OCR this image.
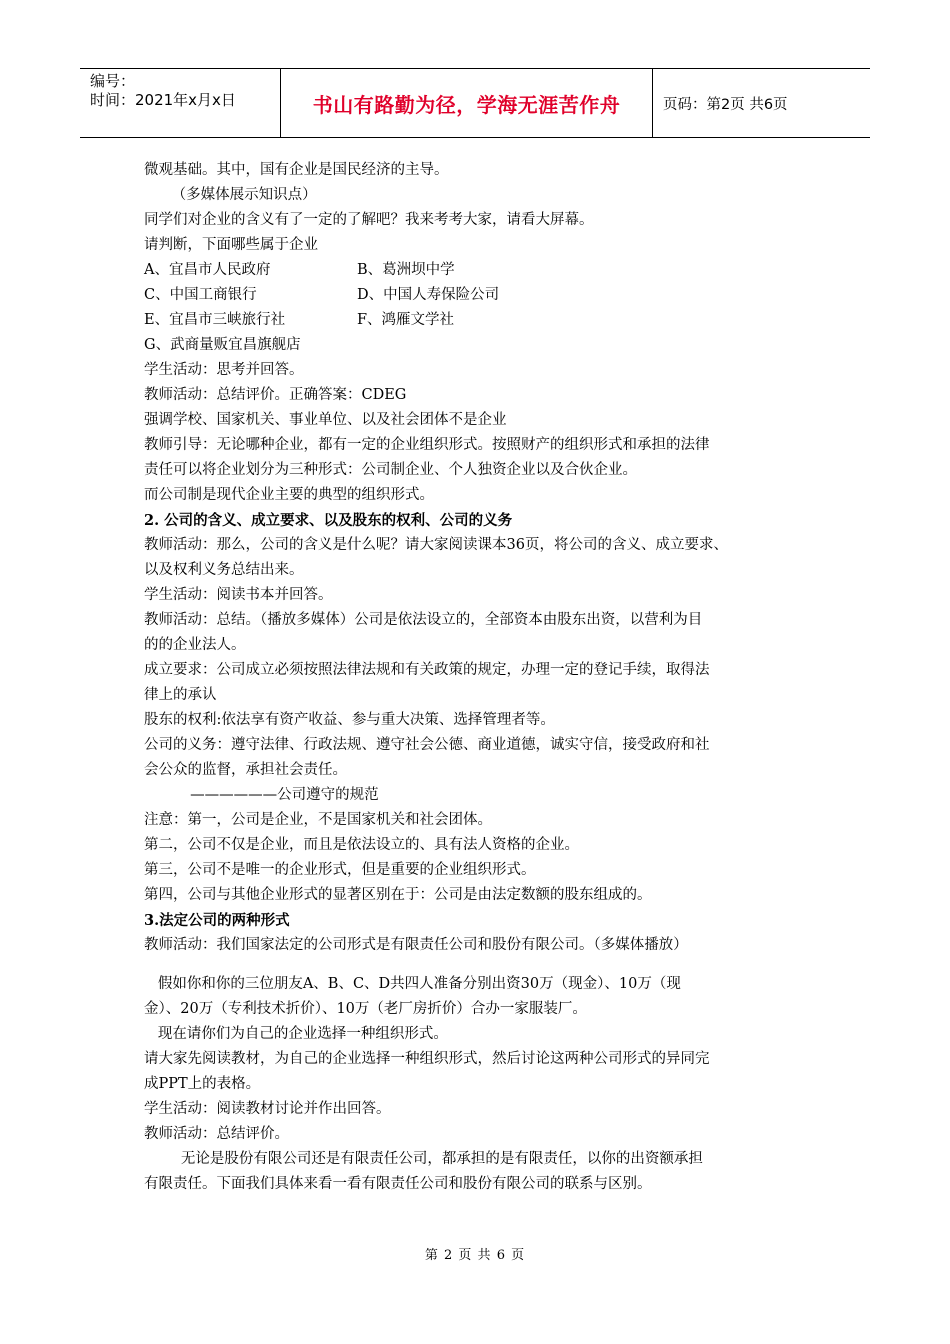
编号：
时间：2021年x月x日	书山有路勤为径，学海无涯苦作舟	页码：第2页 共6页
微观基础。其中，国有企业是国民经济的主导。
（多媒体展示知识点）
同学们对企业的含义有了一定的了解吧？我来考考大家，请看大屏幕。
请判断，下面哪些属于企业
A、宜昌市人民政府	B、葛洲坝中学
C、中国工商银行	D、中国人寿保险公司
E、宜昌市三峡旅行社	F、鸿雁文学社
G、武商量贩宜昌旗舰店
学生活动：思考并回答。
教师活动：总结评价。正确答案：CDEG
强调学校、国家机关、事业单位、以及社会团体不是企业
教师引导：无论哪种企业，都有一定的企业组织形式。按照财产的组织形式和承担的法律
责任可以将企业划分为三种形式：公司制企业、个人独资企业以及合伙企业。
而公司制是现代企业主要的典型的组织形式。
2. 公司的含义、成立要求、以及股东的权利、公司的义务
教师活动：那么，公司的含义是什么呢？请大家阅读课本36页，将公司的含义、成立要求、
以及权利义务总结出来。
学生活动：阅读书本并回答。
教师活动：总结。（播放多媒体）公司是依法设立的，全部资本由股东出资，以营利为目
的的企业法人。
成立要求：公司成立必须按照法律法规和有关政策的规定，办理一定的登记手续，取得法
律上的承认
股东的权利:依法享有资产收益、参与重大决策、选择管理者等。
公司的义务：遵守法律、行政法规、遵守社会公德、商业道德，诚实守信，接受政府和社
会公众的监督，承担社会责任。
——————公司遵守的规范
注意：第一，公司是企业，不是国家机关和社会团体。
第二，公司不仅是企业，而且是依法设立的、具有法人资格的企业。
第三，公司不是唯一的企业形式，但是重要的企业组织形式。
第四，公司与其他企业形式的显著区别在于：公司是由法定数额的股东组成的。
3.法定公司的两种形式
教师活动：我们国家法定的公司形式是有限责任公司和股份有限公司。（多媒体播放）
假如你和你的三位朋友A、B、C、D共四人准备分别出资30万（现金）、10万（现
金）、20万（专利技术折价）、10万（老厂房折价）合办一家服装厂。
现在请你们为自己的企业选择一种组织形式。
请大家先阅读教材，为自己的企业选择一种组织形式，然后讨论这两种公司形式的异同完
成PPT上的表格。
学生活动：阅读教材讨论并作出回答。
教师活动：总结评价。
无论是股份有限公司还是有限责任公司，都承担的是有限责任，以你的出资额承担
有限责任。下面我们具体来看一看有限责任公司和股份有限公司的联系与区别。
第 2 页 共 6 页
